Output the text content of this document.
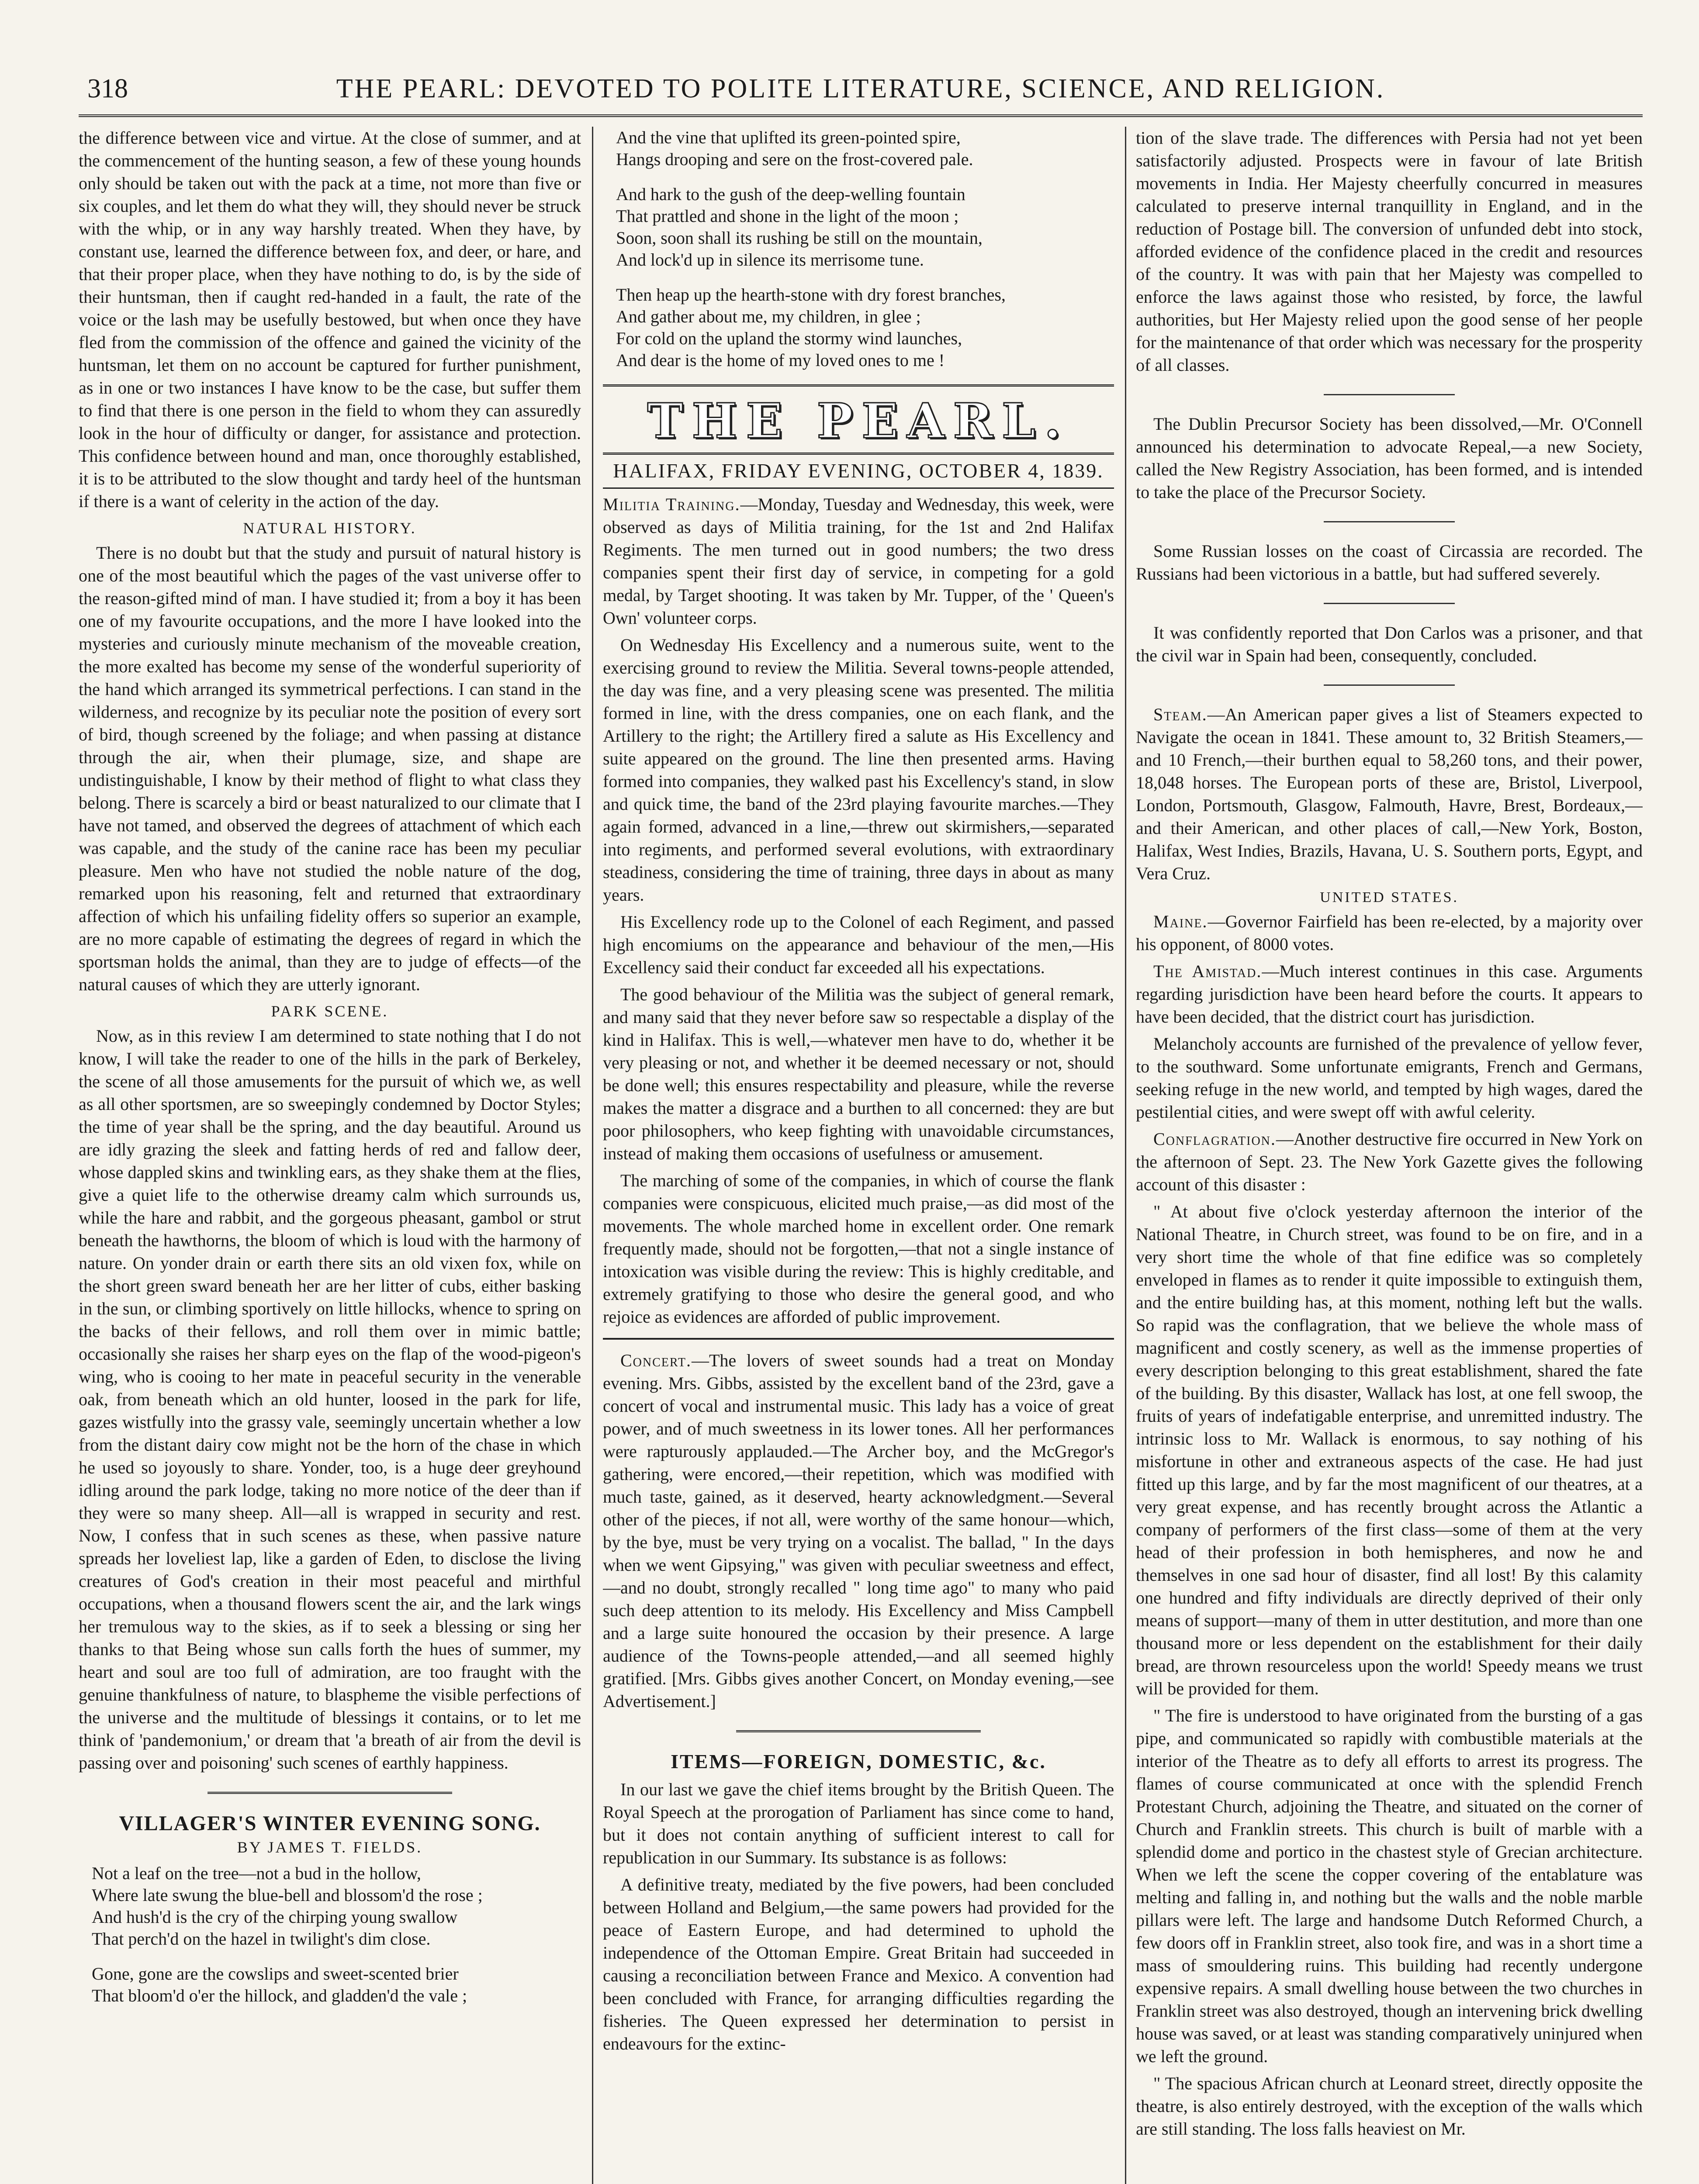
318	THE PEARL: DEVOTED TO POLITE LITERATURE, SCIENCE, AND RELIGION.

the difference between vice and virtue. At the close of summer, and at the commencement of the hunting season, a few of these young hounds only should be taken out with the pack at a time, not more than five or six couples, and let them do what they will, they should never be struck with the whip, or in any way harshly treated. When they have, by constant use, learned the difference between fox, and deer, or hare, and that their proper place, when they have nothing to do, is by the side of their huntsman, then if caught red-handed in a fault, the rate of the voice or the lash may be usefully bestowed, but when once they have fled from the commission of the offence and gained the vicinity of the huntsman, let them on no account be captured for further punishment, as in one or two instances I have know to be the case, but suffer them to find that there is one person in the field to whom they can assuredly look in the hour of difficulty or danger, for assistance and protection. This confidence between hound and man, once thoroughly established, it is to be attributed to the slow thought and tardy heel of the huntsman if there is a want of celerity in the action of the day.

NATURAL HISTORY.

There is no doubt but that the study and pursuit of natural history is one of the most beautiful which the pages of the vast universe offer to the reason-gifted mind of man. I have studied it; from a boy it has been one of my favourite occupations, and the more I have looked into the mysteries and curiously minute mechanism of the moveable creation, the more exalted has become my sense of the wonderful superiority of the hand which arranged its symmetrical perfections. I can stand in the wilderness, and recognize by its peculiar note the position of every sort of bird, though screened by the foliage; and when passing at distance through the air, when their plumage, size, and shape are undistinguishable, I know by their method of flight to what class they belong. There is scarcely a bird or beast naturalized to our climate that I have not tamed, and observed the degrees of attachment of which each was capable, and the study of the canine race has been my peculiar pleasure. Men who have not studied the noble nature of the dog, remarked upon his reasoning, felt and returned that extraordinary affection of which his unfailing fidelity offers so superior an example, are no more capable of estimating the degrees of regard in which the sportsman holds the animal, than they are to judge of effects—of the natural causes of which they are utterly ignorant.

PARK SCENE.

Now, as in this review I am determined to state nothing that I do not know, I will take the reader to one of the hills in the park of Berkeley, the scene of all those amusements for the pursuit of which we, as well as all other sportsmen, are so sweepingly condemned by Doctor Styles; the time of year shall be the spring, and the day beautiful. Around us are idly grazing the sleek and fatting herds of red and fallow deer, whose dappled skins and twinkling ears, as they shake them at the flies, give a quiet life to the otherwise dreamy calm which surrounds us, while the hare and rabbit, and the gorgeous pheasant, gambol or strut beneath the hawthorns, the bloom of which is loud with the harmony of nature. On yonder drain or earth there sits an old vixen fox, while on the short green sward beneath her are her litter of cubs, either basking in the sun, or climbing sportively on little hillocks, whence to spring on the backs of their fellows, and roll them over in mimic battle; occasionally she raises her sharp eyes on the flap of the wood-pigeon's wing, who is cooing to her mate in peaceful security in the venerable oak, from beneath which an old hunter, loosed in the park for life, gazes wistfully into the grassy vale, seemingly uncertain whether a low from the distant dairy cow might not be the horn of the chase in which he used so joyously to share. Yonder, too, is a huge deer greyhound idling around the park lodge, taking no more notice of the deer than if they were so many sheep. All—all is wrapped in security and rest. Now, I confess that in such scenes as these, when passive nature spreads her loveliest lap, like a garden of Eden, to disclose the living creatures of God's creation in their most peaceful and mirthful occupations, when a thousand flowers scent the air, and the lark wings her tremulous way to the skies, as if to seek a blessing or sing her thanks to that Being whose sun calls forth the hues of summer, my heart and soul are too full of admiration, are too fraught with the genuine thankfulness of nature, to blaspheme the visible perfections of the universe and the multitude of blessings it contains, or to let me think of 'pandemonium,' or dream that 'a breath of air from the devil is passing over and poisoning' such scenes of earthly happiness.

VILLAGER'S WINTER EVENING SONG.
BY JAMES T. FIELDS.
Not a leaf on the tree—not a bud in the hollow,
Where late swung the blue-bell and blossom'd the rose ;
And hush'd is the cry of the chirping young swallow
That perch'd on the hazel in twilight's dim close.
Gone, gone are the cowslips and sweet-scented brier
That bloom'd o'er the hillock, and gladden'd the vale ;
And the vine that uplifted its green-pointed spire,
Hangs drooping and sere on the frost-covered pale.
And hark to the gush of the deep-welling fountain
That prattled and shone in the light of the moon ;
Soon, soon shall its rushing be still on the mountain,
And lock'd up in silence its merrisome tune.
Then heap up the hearth-stone with dry forest branches,
And gather about me, my children, in glee ;
For cold on the upland the stormy wind launches,
And dear is the home of my loved ones to me !
THE PEARL.
HALIFAX, FRIDAY EVENING, OCTOBER 4, 1839.

Militia Training.—Monday, Tuesday and Wednesday, this week, were observed as days of Militia training, for the 1st and 2nd Halifax Regiments. The men turned out in good numbers; the two dress companies spent their first day of service, in competing for a gold medal, by Target shooting. It was taken by Mr. Tupper, of the ' Queen's Own' volunteer corps.

On Wednesday His Excellency and a numerous suite, went to the exercising ground to review the Militia. Several towns-people attended, the day was fine, and a very pleasing scene was presented. The militia formed in line, with the dress companies, one on each flank, and the Artillery to the right; the Artillery fired a salute as His Excellency and suite appeared on the ground. The line then presented arms. Having formed into companies, they walked past his Excellency's stand, in slow and quick time, the band of the 23rd playing favourite marches.—They again formed, advanced in a line,—threw out skirmishers,—separated into regiments, and performed several evolutions, with extraordinary steadiness, considering the time of training, three days in about as many years.

His Excellency rode up to the Colonel of each Regiment, and passed high encomiums on the appearance and behaviour of the men,—His Excellency said their conduct far exceeded all his expectations.

The good behaviour of the Militia was the subject of general remark, and many said that they never before saw so respectable a display of the kind in Halifax. This is well,—whatever men have to do, whether it be very pleasing or not, and whether it be deemed necessary or not, should be done well; this ensures respectability and pleasure, while the reverse makes the matter a disgrace and a burthen to all concerned: they are but poor philosophers, who keep fighting with unavoidable circumstances, instead of making them occasions of usefulness or amusement.

The marching of some of the companies, in which of course the flank companies were conspicuous, elicited much praise,—as did most of the movements. The whole marched home in excellent order. One remark frequently made, should not be forgotten,—that not a single instance of intoxication was visible during the review: This is highly creditable, and extremely gratifying to those who desire the general good, and who rejoice as evidences are afforded of public improvement.

Concert.—The lovers of sweet sounds had a treat on Monday evening. Mrs. Gibbs, assisted by the excellent band of the 23rd, gave a concert of vocal and instrumental music. This lady has a voice of great power, and of much sweetness in its lower tones. All her performances were rapturously applauded.—The Archer boy, and the McGregor's gathering, were encored,—their repetition, which was modified with much taste, gained, as it deserved, hearty acknowledgment.—Several other of the pieces, if not all, were worthy of the same honour—which, by the bye, must be very trying on a vocalist. The ballad, " In the days when we went Gipsying," was given with peculiar sweetness and effect,—and no doubt, strongly recalled " long time ago" to many who paid such deep attention to its melody. His Excellency and Miss Campbell and a large suite honoured the occasion by their presence. A large audience of the Towns-people attended,—and all seemed highly gratified. [Mrs. Gibbs gives another Concert, on Monday evening,—see Advertisement.]

ITEMS—FOREIGN, DOMESTIC, &c.

In our last we gave the chief items brought by the British Queen. The Royal Speech at the prorogation of Parliament has since come to hand, but it does not contain anything of sufficient interest to call for republication in our Summary. Its substance is as follows:

A definitive treaty, mediated by the five powers, had been concluded between Holland and Belgium,—the same powers had provided for the peace of Eastern Europe, and had determined to uphold the independence of the Ottoman Empire. Great Britain had succeeded in causing a reconciliation between France and Mexico. A convention had been concluded with France, for arranging difficulties regarding the fisheries. The Queen expressed her determination to persist in endeavours for the extinc-

tion of the slave trade. The differences with Persia had not yet been satisfactorily adjusted. Prospects were in favour of late British movements in India. Her Majesty cheerfully concurred in measures calculated to preserve internal tranquillity in England, and in the reduction of Postage bill. The conversion of unfunded debt into stock, afforded evidence of the confidence placed in the credit and resources of the country. It was with pain that her Majesty was compelled to enforce the laws against those who resisted, by force, the lawful authorities, but Her Majesty relied upon the good sense of her people for the maintenance of that order which was necessary for the prosperity of all classes.

The Dublin Precursor Society has been dissolved,—Mr. O'Connell announced his determination to advocate Repeal,—a new Society, called the New Registry Association, has been formed, and is intended to take the place of the Precursor Society.

Some Russian losses on the coast of Circassia are recorded. The Russians had been victorious in a battle, but had suffered severely.

It was confidently reported that Don Carlos was a prisoner, and that the civil war in Spain had been, consequently, concluded.

Steam.—An American paper gives a list of Steamers expected to Navigate the ocean in 1841. These amount to, 32 British Steamers,—and 10 French,—their burthen equal to 58,260 tons, and their power, 18,048 horses. The European ports of these are, Bristol, Liverpool, London, Portsmouth, Glasgow, Falmouth, Havre, Brest, Bordeaux,—and their American, and other places of call,—New York, Boston, Halifax, West Indies, Brazils, Havana, U. S. Southern ports, Egypt, and Vera Cruz.

UNITED STATES.

Maine.—Governor Fairfield has been re-elected, by a majority over his opponent, of 8000 votes.

The Amistad.—Much interest continues in this case. Arguments regarding jurisdiction have been heard before the courts. It appears to have been decided, that the district court has jurisdiction.

Melancholy accounts are furnished of the prevalence of yellow fever, to the southward. Some unfortunate emigrants, French and Germans, seeking refuge in the new world, and tempted by high wages, dared the pestilential cities, and were swept off with awful celerity.

Conflagration.—Another destructive fire occurred in New York on the afternoon of Sept. 23. The New York Gazette gives the following account of this disaster :

" At about five o'clock yesterday afternoon the interior of the National Theatre, in Church street, was found to be on fire, and in a very short time the whole of that fine edifice was so completely enveloped in flames as to render it quite impossible to extinguish them, and the entire building has, at this moment, nothing left but the walls. So rapid was the conflagration, that we believe the whole mass of magnificent and costly scenery, as well as the immense properties of every description belonging to this great establishment, shared the fate of the building. By this disaster, Wallack has lost, at one fell swoop, the fruits of years of indefatigable enterprise, and unremitted industry. The intrinsic loss to Mr. Wallack is enormous, to say nothing of his misfortune in other and extraneous aspects of the case. He had just fitted up this large, and by far the most magnificent of our theatres, at a very great expense, and has recently brought across the Atlantic a company of performers of the first class—some of them at the very head of their profession in both hemispheres, and now he and themselves in one sad hour of disaster, find all lost! By this calamity one hundred and fifty individuals are directly deprived of their only means of support—many of them in utter destitution, and more than one thousand more or less dependent on the establishment for their daily bread, are thrown resourceless upon the world! Speedy means we trust will be provided for them.

" The fire is understood to have originated from the bursting of a gas pipe, and communicated so rapidly with combustible materials at the interior of the Theatre as to defy all efforts to arrest its progress. The flames of course communicated at once with the splendid French Protestant Church, adjoining the Theatre, and situated on the corner of Church and Franklin streets. This church is built of marble with a splendid dome and portico in the chastest style of Grecian architecture. When we left the scene the copper covering of the entablature was melting and falling in, and nothing but the walls and the noble marble pillars were left. The large and handsome Dutch Reformed Church, a few doors off in Franklin street, also took fire, and was in a short time a mass of smouldering ruins. This building had recently undergone expensive repairs. A small dwelling house between the two churches in Franklin street was also destroyed, though an intervening brick dwelling house was saved, or at least was standing comparatively uninjured when we left the ground.

" The spacious African church at Leonard street, directly opposite the theatre, is also entirely destroyed, with the exception of the walls which are still standing. The loss falls heaviest on Mr.
